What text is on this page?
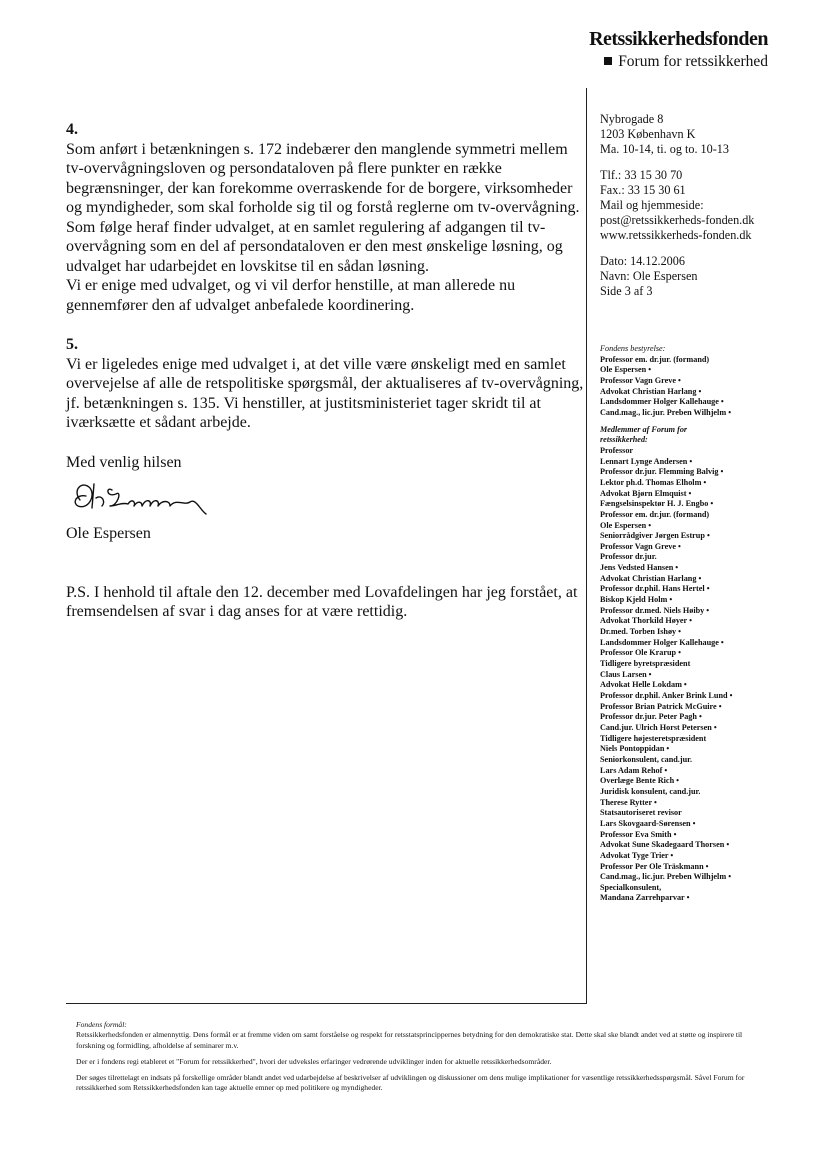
Retssikkerhedsfonden
Forum for retssikkerhed

4.

Som anført i betænkningen s. 172 indebærer den manglende symmetri mellem tv-overvågningsloven og persondataloven på flere punkter en række begrænsninger, der kan forekomme overraskende for de borgere, virksomheder og myndigheder, som skal forholde sig til og forstå reglerne om tv-overvågning. Som følge heraf finder udvalget, at en samlet regulering af adgangen til tv-overvågning som en del af persondataloven er den mest ønskelige løsning, og udvalget har udarbejdet en lovskitse til en sådan løsning.

Vi er enige med udvalget, og vi vil derfor henstille, at man allerede nu gennemfører den af udvalget anbefalede koordinering.

5.

Vi er ligeledes enige med udvalget i, at det ville være ønskeligt med en samlet overvejelse af alle de retspolitiske spørgsmål, der aktualiseres af tv-overvågning, jf. betænkningen s. 135. Vi henstiller, at justitsministeriet tager skridt til at iværksætte et sådant arbejde.

Med venlig hilsen

Ole Espersen

P.S. I henhold til aftale den 12. december med Lovafdelingen har jeg forstået, at fremsendelsen af svar i dag anses for at være rettidig.

Nybrogade 8
1203 København K
Ma. 10-14, ti. og to. 10-13
Tlf.: 33 15 30 70
Fax.: 33 15 30 61
Mail og hjemmeside:
post@retssikkerheds-fonden.dk
www.retssikkerheds-fonden.dk
Dato: 14.12.2006
Navn: Ole Espersen
Side 3 af 3
Fondens bestyrelse:
Professor em. dr.jur. (formand)
Ole Espersen •
Professor Vagn Greve •
Advokat Christian Harlang •
Landsdommer Holger Kallehauge •
Cand.mag., lic.jur. Preben Wilhjelm •
Medlemmer af Forum for retssikkerhed:
Professor
Lennart Lynge Andersen •
Professor dr.jur. Flemming Balvig •
Lektor ph.d. Thomas Elholm •
Advokat Bjørn Elmquist •
Fængselsinspektør H. J. Engbo •
Professor em. dr.jur. (formand)
Ole Espersen •
Seniorrådgiver Jørgen Estrup •
Professor Vagn Greve •
Professor dr.jur.
Jens Vedsted Hansen •
Advokat Christian Harlang •
Professor dr.phil. Hans Hertel •
Biskop Kjeld Holm •
Professor dr.med. Niels Høiby •
Advokat Thorkild Høyer •
Dr.med. Torben Ishøy •
Landsdommer Holger Kallehauge •
Professor Ole Krarup •
Tidligere byretspræsident
Claus Larsen •
Advokat Helle Lokdam •
Professor dr.phil. Anker Brink Lund •
Professor Brian Patrick McGuire •
Professor dr.jur. Peter Pagh •
Cand.jur. Ulrich Horst Petersen •
Tidligere højesteretspræsident
Niels Pontoppidan •
Seniorkonsulent, cand.jur.
Lars Adam Rehof •
Overlæge Bente Rich •
Juridisk konsulent, cand.jur.
Therese Rytter •
Statsautoriseret revisor
Lars Skovgaard-Sørensen •
Professor Eva Smith •
Advokat Sune Skadegaard Thorsen •
Advokat Tyge Trier •
Professor Per Ole Träskmann •
Cand.mag., lic.jur. Preben Wilhjelm •
Specialkonsulent,
Mandana Zarrehparvar •

Fondens formål:

Retssikkerhedsfonden er almennyttig. Dens formål er at fremme viden om samt forståelse og respekt for retsstatsprincippernes betydning for den demokratiske stat. Dette skal ske blandt andet ved at støtte og inspirere til forskning og formidling, afholdelse af seminarer m.v.

Der er i fondens regi etableret et "Forum for retssikkerhed", hvori der udveksles erfaringer vedrørende udviklinger inden for aktuelle retssikkerhedsområder.

Der søges tilrettelagt en indsats på forskellige områder blandt andet ved udarbejdelse af beskrivelser af udviklingen og diskussioner om dens mulige implikationer for væsentlige retssikkerhedsspørgsmål. Såvel Forum for retssikkerhed som Retssikkerhedsfonden kan tage aktuelle emner op med politikere og myndigheder.
